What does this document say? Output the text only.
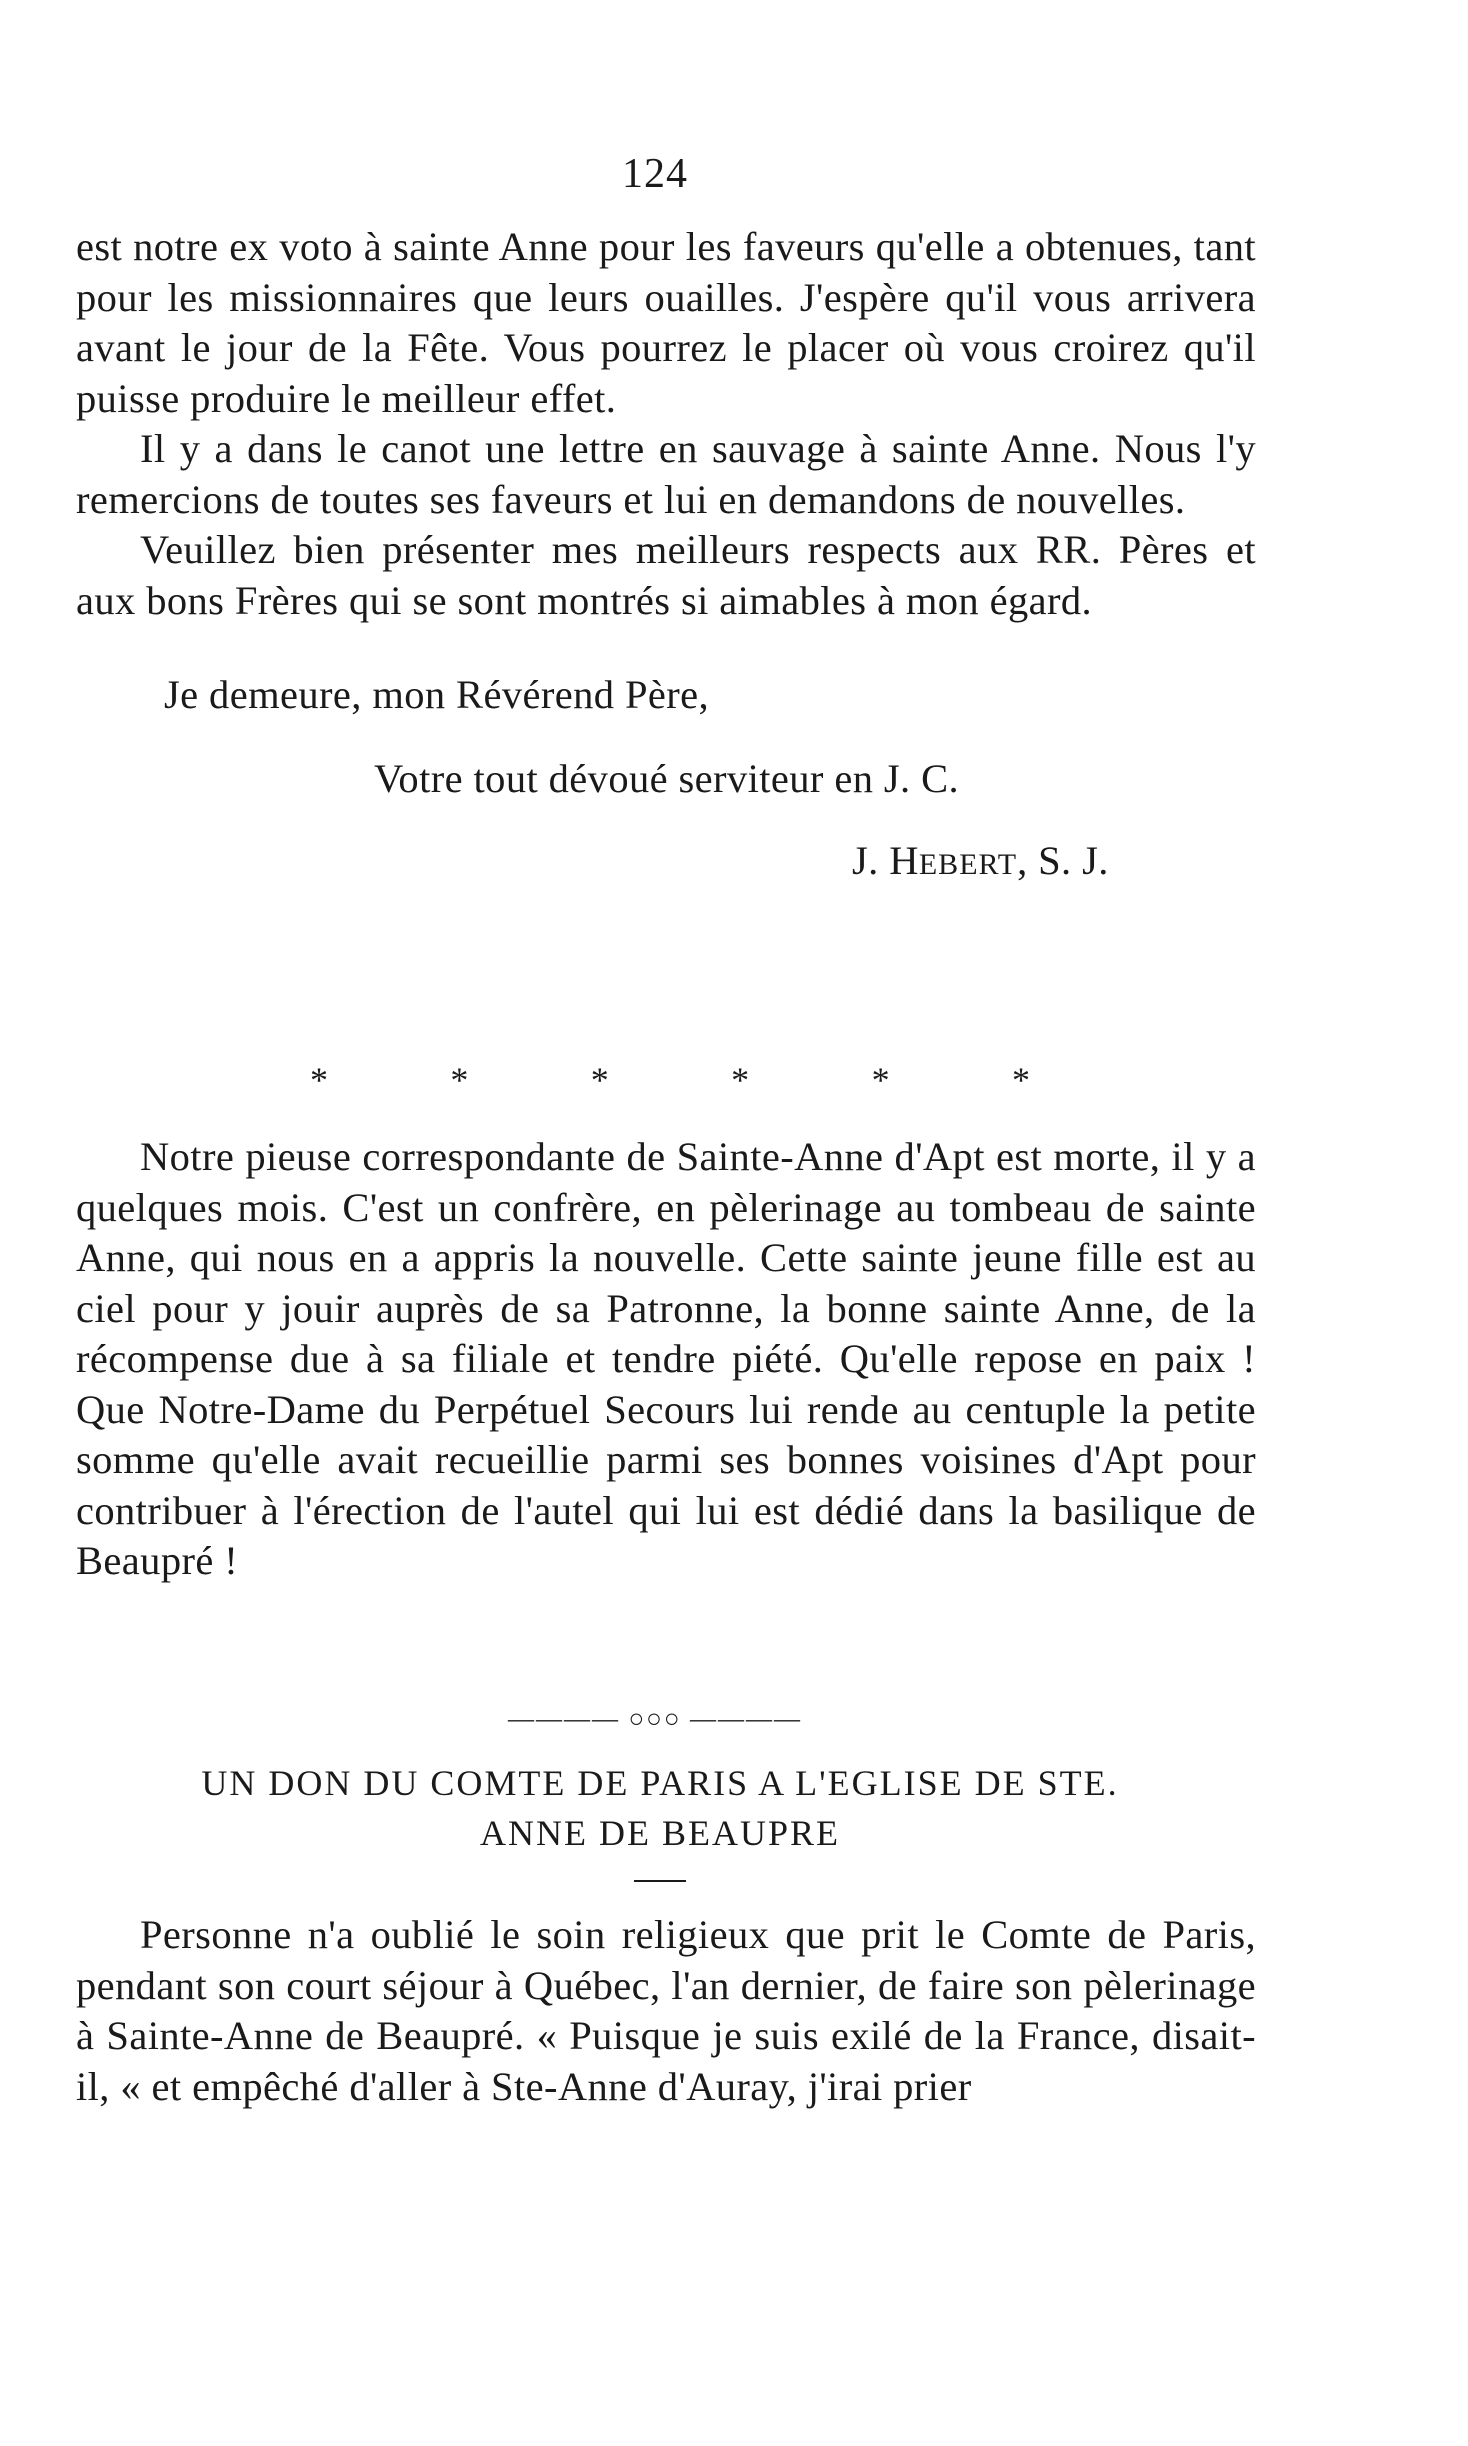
124

est notre ex voto à sainte Anne pour les faveurs qu'elle a obtenues, tant pour les missionnaires que leurs ouailles. J'espère qu'il vous arrivera avant le jour de la Fête. Vous pourrez le placer où vous croirez qu'il puisse produire le meilleur effet.

Il y a dans le canot une lettre en sauvage à sainte Anne. Nous l'y remercions de toutes ses faveurs et lui en demandons de nouvelles.

Veuillez bien présenter mes meilleurs respects aux RR. Pères et aux bons Frères qui se sont montrés si aimables à mon égard.

Je demeure, mon Révérend Père,
Votre tout dévoué serviteur en J. C.
J. HEBERT, S. J.
*	*	*	*	*	*

Notre pieuse correspondante de Sainte-Anne d'Apt est morte, il y a quelques mois. C'est un confrère, en pèlerinage au tombeau de sainte Anne, qui nous en a appris la nouvelle. Cette sainte jeune fille est au ciel pour y jouir auprès de sa Patronne, la bonne sainte Anne, de la récompense due à sa filiale et tendre piété. Qu'elle repose en paix ! Que Notre-Dame du Perpétuel Secours lui rende au centuple la petite somme qu'elle avait recueillie parmi ses bonnes voisines d'Apt pour contribuer à l'érection de l'autel qui lui est dédié dans la basilique de Beaupré !

———— ○○○ ————
UN DON DU COMTE DE PARIS A L'EGLISE DE STE.
ANNE DE BEAUPRE

Personne n'a oublié le soin religieux que prit le Comte de Paris, pendant son court séjour à Québec, l'an dernier, de faire son pèlerinage à Sainte-Anne de Beaupré. « Puisque je suis exilé de la France, disait-il, « et empêché d'aller à Ste-Anne d'Auray, j'irai prier
